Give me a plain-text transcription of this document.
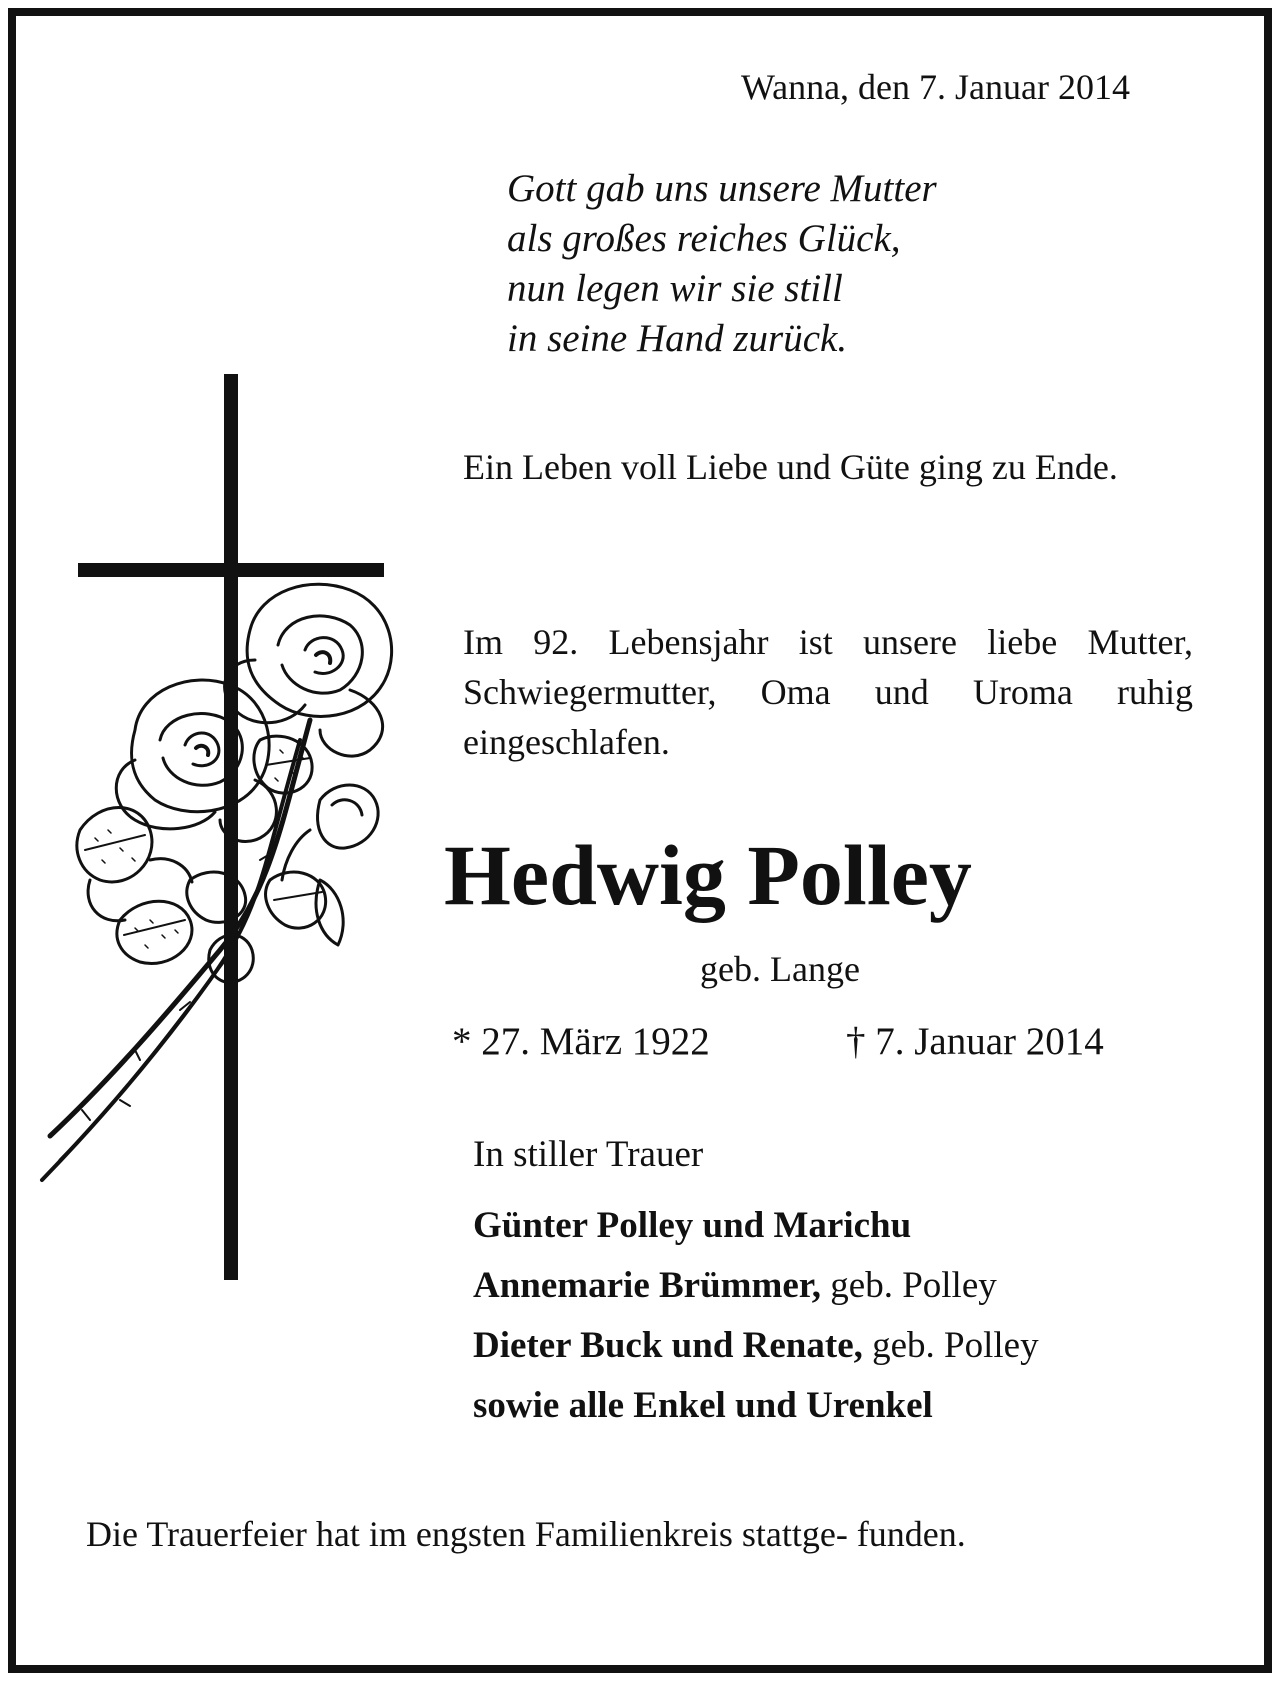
Wanna, den 7. Januar 2014
Gott gab uns unsere Mutter
als großes reiches Glück,
nun legen wir sie still
in seine Hand zurück.
Ein Leben voll Liebe und Güte ging zu Ende.
Im 92. Lebensjahr ist unsere liebe Mutter, Schwiegermutter, Oma und Uroma ruhig eingeschlafen.
Hedwig Polley
geb. Lange
* 27. März 1922	† 7. Januar 2014
In stiller Trauer
Günter Polley und Marichu
Annemarie Brümmer, geb. Polley
Dieter Buck und Renate, geb. Polley
sowie alle Enkel und Urenkel
Die Trauerfeier hat im engsten Familienkreis stattge- funden.
